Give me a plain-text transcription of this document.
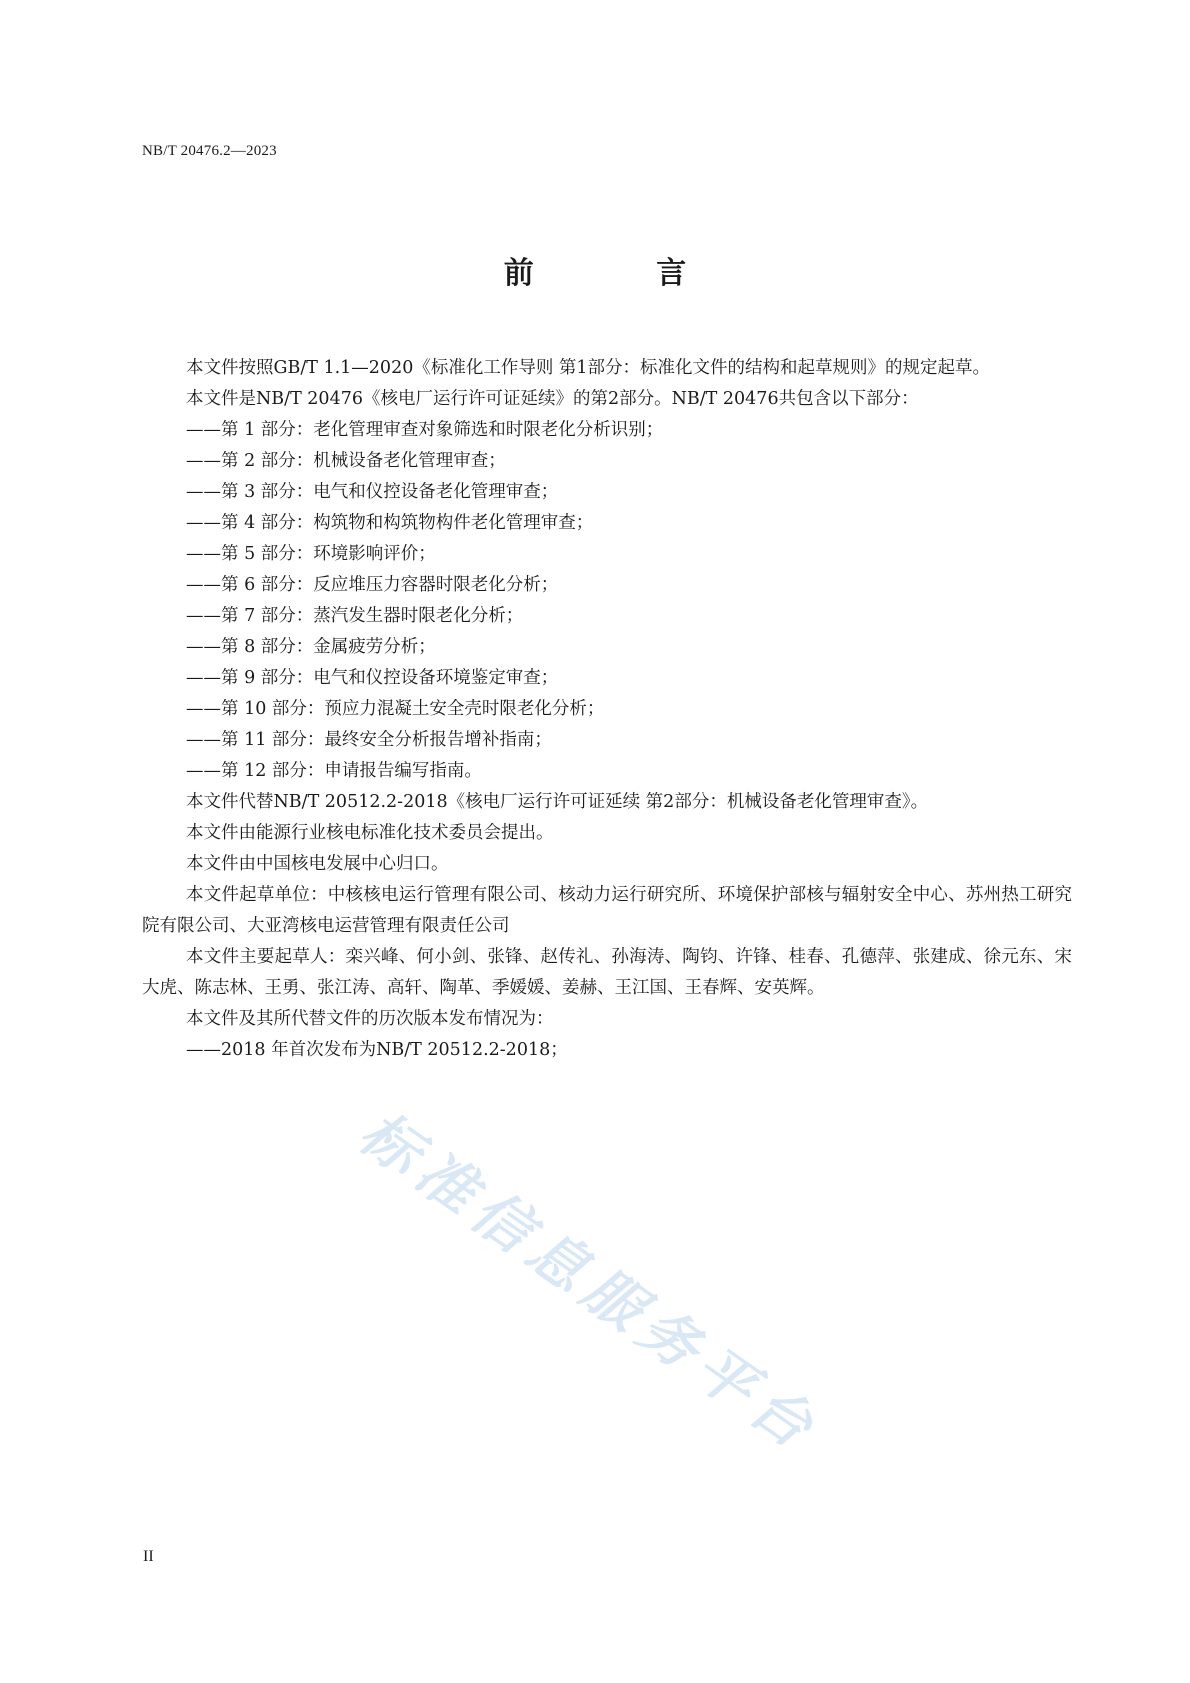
NB/T 20476.2—2023

前 言

本文件按照GB/T 1.1—2020《标准化工作导则 第1部分：标准化文件的结构和起草规则》的规定起草。

本文件是NB/T 20476《核电厂运行许可证延续》的第2部分。NB/T 20476共包含以下部分：

——第 1 部分：老化管理审查对象筛选和时限老化分析识别；

——第 2 部分：机械设备老化管理审查；

——第 3 部分：电气和仪控设备老化管理审查；

——第 4 部分：构筑物和构筑物构件老化管理审查；

——第 5 部分：环境影响评价；

——第 6 部分：反应堆压力容器时限老化分析；

——第 7 部分：蒸汽发生器时限老化分析；

——第 8 部分：金属疲劳分析；

——第 9 部分：电气和仪控设备环境鉴定审查；

——第 10 部分：预应力混凝土安全壳时限老化分析；

——第 11 部分：最终安全分析报告增补指南；

——第 12 部分：申请报告编写指南。

本文件代替NB/T 20512.2-2018《核电厂运行许可证延续 第2部分：机械设备老化管理审查》。

本文件由能源行业核电标准化技术委员会提出。

本文件由中国核电发展中心归口。

本文件起草单位：中核核电运行管理有限公司、核动力运行研究所、环境保护部核与辐射安全中心、苏州热工研究院有限公司、大亚湾核电运营管理有限责任公司

本文件主要起草人：栾兴峰、何小剑、张锋、赵传礼、孙海涛、陶钧、许锋、桂春、孔德萍、张建成、徐元东、宋大虎、陈志林、王勇、张江涛、高轩、陶革、季媛媛、姜赫、王江国、王春辉、安英辉。

本文件及其所代替文件的历次版本发布情况为：

——2018 年首次发布为NB/T 20512.2-2018；

标准信息服务平台

II
